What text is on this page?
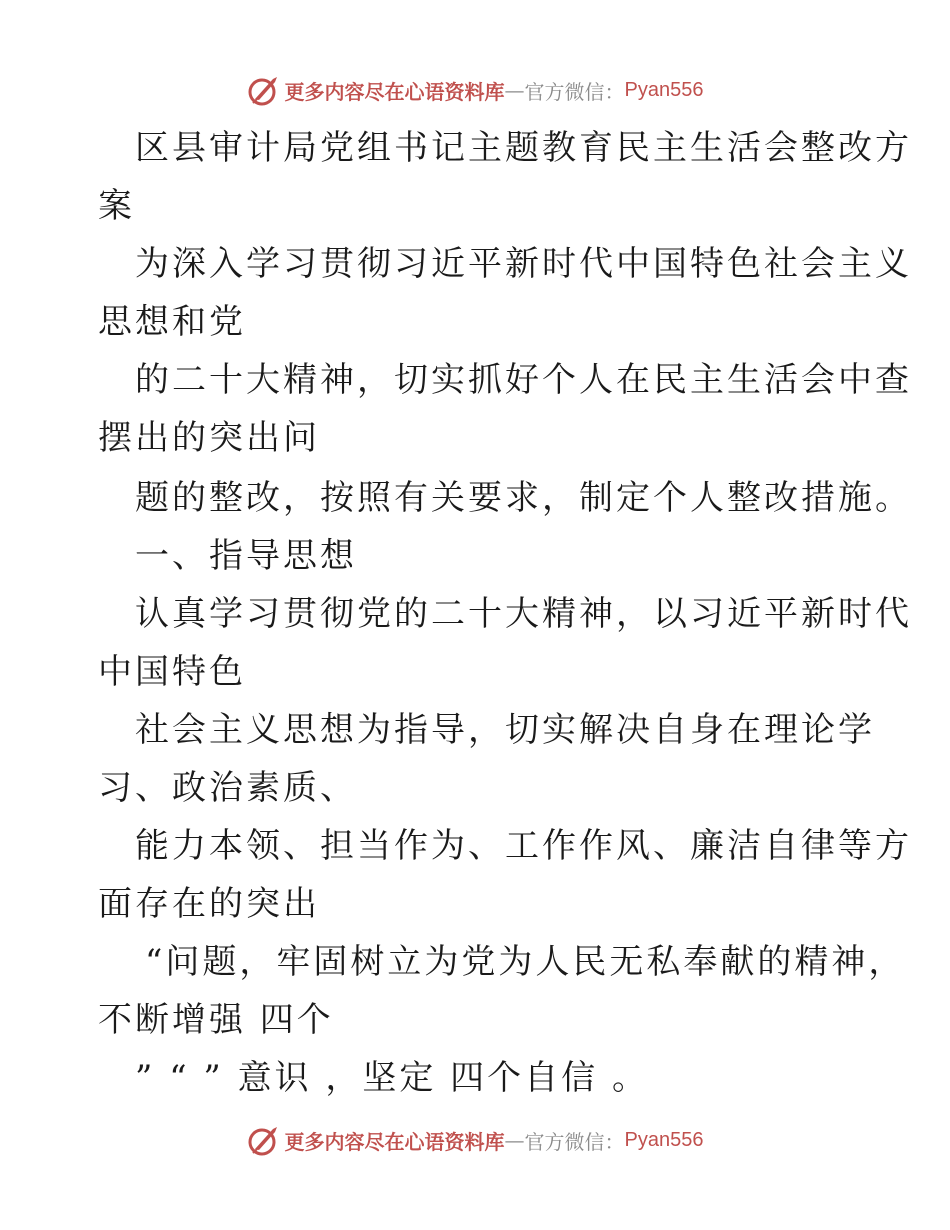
更多内容尽在心语资料库 — 官方微信： Pyan556
区县审计局党组书记主题教育民主生活会整改方
案
为深入学习贯彻习近平新时代中国特色社会主义
思想和党
的二十大精神，切实抓好个人在民主生活会中查
摆出的突出问
题的整改，按照有关要求，制定个人整改措施。
一、指导思想
认真学习贯彻党的二十大精神，以习近平新时代
中国特色
社会主义思想为指导，切实解决自身在理论学
习、政治素质、
能力本领、担当作为、工作作风、廉洁自律等方
面存在的突出
“问题，牢固树立为党为人民无私奉献的精神，
不断增强 四个
” “ ” 意识 ，坚定 四个自信 。
更多内容尽在心语资料库 — 官方微信： Pyan556
